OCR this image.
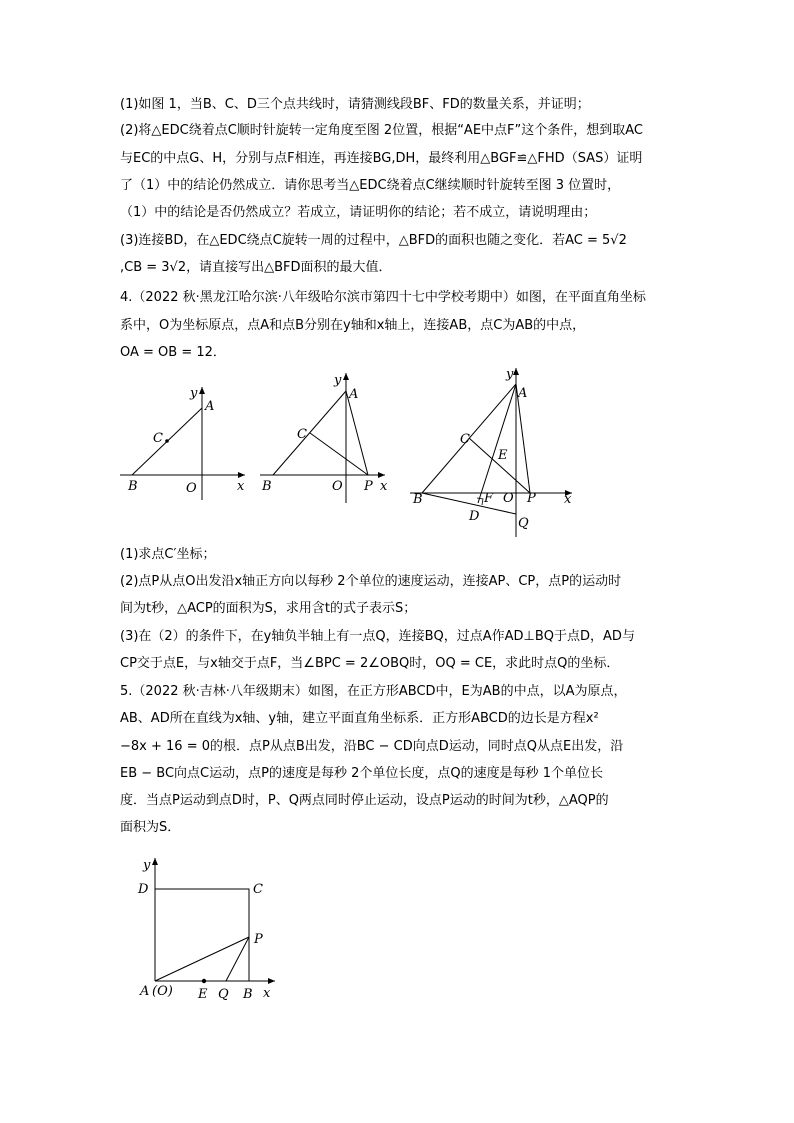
(1)如图 1，当B、C、D三个点共线时，请猜测线段BF、FD的数量关系，并证明；
(2)将△EDC绕着点C顺时针旋转一定角度至图 2位置，根据“AE中点F”这个条件，想到取AC
与EC的中点G、H，分别与点F相连，再连接BG,DH，最终利用△BGF≌△FHD（SAS）证明
了（1）中的结论仍然成立．请你思考当△EDC绕着点C继续顺时针旋转至图 3 位置时，
（1）中的结论是否仍然成立？若成立，请证明你的结论；若不成立，请说明理由；
(3)连接BD，在△EDC绕点C旋转一周的过程中，△BFD的面积也随之变化．若AC = 5√2
,CB = 3√2，请直接写出△BFD面积的最大值．
4.（2022 秋·黑龙江哈尔滨·八年级哈尔滨市第四十七中学校考期中）如图，在平面直角坐标
系中，O为坐标原点，点A和点B分别在y轴和x轴上，连接AB，点C为AB的中点，
OA = OB = 12．
(1)求点C′坐标；
(2)点P从点O出发沿x轴正方向以每秒 2个单位的速度运动，连接AP、CP，点P的运动时
间为t秒，△ACP的面积为S，求用含t的式子表示S；
(3)在（2）的条件下，在y轴负半轴上有一点Q，连接BQ，过点A作AD⊥BQ于点D，AD与
CP交于点E，与x轴交于点F，当∠BPC = 2∠OBQ时，OQ = CE，求此时点Q的坐标．
5.（2022 秋·吉林·八年级期末）如图，在正方形ABCD中，E为AB的中点，以A为原点，
AB、AD所在直线为x轴、y轴，建立平面直角坐标系．正方形ABCD的边长是方程x²
−8x + 16 = 0的根．点P从点B出发，沿BC − CD向点D运动，同时点Q从点E出发，沿
EB − BC向点C运动，点P的速度是每秒 2个单位长度，点Q的速度是每秒 1个单位长
度．当点P运动到点D时，P、Q两点同时停止运动，设点P运动的时间为t秒，△AQP的
面积为S．
y
A
C
B	O	x
y
A
C
B	O P x
y
A
C
E
B	F O P x
D	Q
y
D	C
P
A (O) E Q B x
